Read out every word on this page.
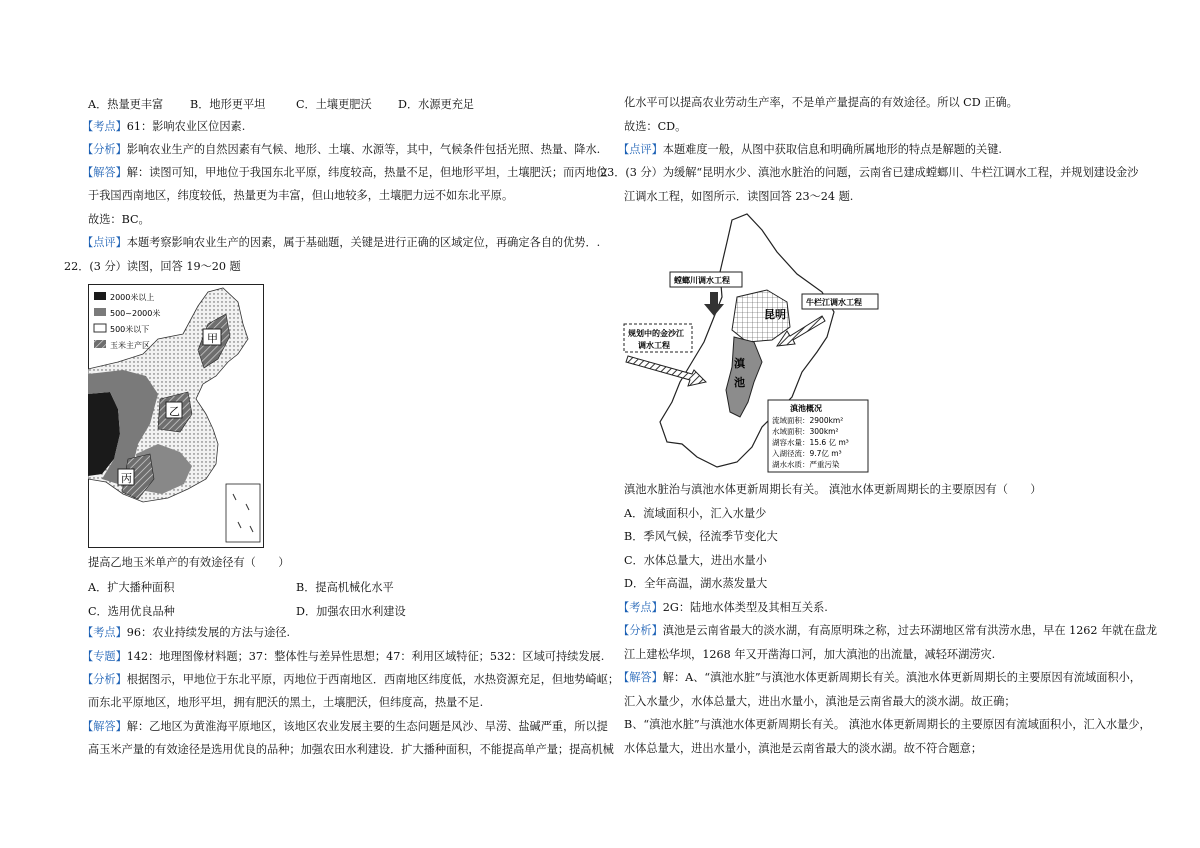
A．热量更丰富 B．地形更平坦	C．土壤更肥沃 D．水源更充足
【考点】61：影响农业区位因素.
【分析】影响农业生产的自然因素有气候、地形、土壤、水源等，其中，气候条件包括光照、热量、降水.
【解答】解：读图可知，甲地位于我国东北平原，纬度较高，热量不足，但地形平坦，土壤肥沃；而丙地位
于我国西南地区，纬度较低，热量更为丰富，但山地较多，土壤肥力远不如东北平原。
故选：BC。
【点评】本题考察影响农业生产的因素，属于基础题，关键是进行正确的区域定位，再确定各自的优势．.
22．(3 分）读图，回答 19～20 题
2000米以上
500~2000米
500米以下
玉米主产区
甲
乙
丙
提高乙地玉米单产的有效途径有（　　）
A．扩大播种面积	B．提高机械化水平
C．选用优良品种	D．加强农田水利建设
【考点】96：农业持续发展的方法与途径.
【专题】142：地理图像材料题；37：整体性与差异性思想；47：利用区域特征；532：区域可持续发展.
【分析】根据图示，甲地位于东北平原，丙地位于西南地区．西南地区纬度低，水热资源充足，但地势崎岖；
而东北平原地区，地形平坦，拥有肥沃的黑土，土壤肥沃，但纬度高，热量不足.
【解答】解：乙地区为黄淮海平原地区，该地区农业发展主要的生态问题是风沙、旱涝、盐碱严重，所以提
高玉米产量的有效途径是选用优良的品种；加强农田水利建设．扩大播种面积，不能提高单产量；提高机械
化水平可以提高农业劳动生产率，不是单产量提高的有效途径。所以 CD 正确。
故选：CD。
【点评】本题难度一般，从图中获取信息和明确所属地形的特点是解题的关键.
23．(3 分）为缓解“昆明水少、滇池水脏治的问题，云南省已建成螳螂川、牛栏江调水工程，并规划建设金沙
江调水工程，如图所示．读图回答 23～24 题.
昆明
滇
池
螳螂川调水工程
牛栏江调水工程
规划中的金沙江
调水工程
滇池概况
流域面积：2900km²
水域面积：300km²
湖容水量：15.6 亿 m³
入湖径流：9.7亿 m³
湖水水质：严重污染
滇池水脏治与滇池水体更新周期长有关。 滇池水体更新周期长的主要原因有（　　）
A．流域面积小，汇入水量少
B．季风气候，径流季节变化大
C．水体总量大，进出水量小
D．全年高温，湖水蒸发量大
【考点】2G：陆地水体类型及其相互关系.
【分析】滇池是云南省最大的淡水湖，有高原明珠之称，过去环湖地区常有洪涝水患，早在 1262 年就在盘龙
江上建松华坝，1268 年又开凿海口河，加大滇池的出流量，减轻环湖涝灾.
【解答】解：A、“滇池水脏”与滇池水体更新周期长有关。滇池水体更新周期长的主要原因有流域面积小，
汇入水量少，水体总量大，进出水量小，滇池是云南省最大的淡水湖。故正确；
B、“滇池水脏”与滇池水体更新周期长有关。 滇池水体更新周期长的主要原因有流域面积小，汇入水量少，
水体总量大，进出水量小，滇池是云南省最大的淡水湖。故不符合题意；
